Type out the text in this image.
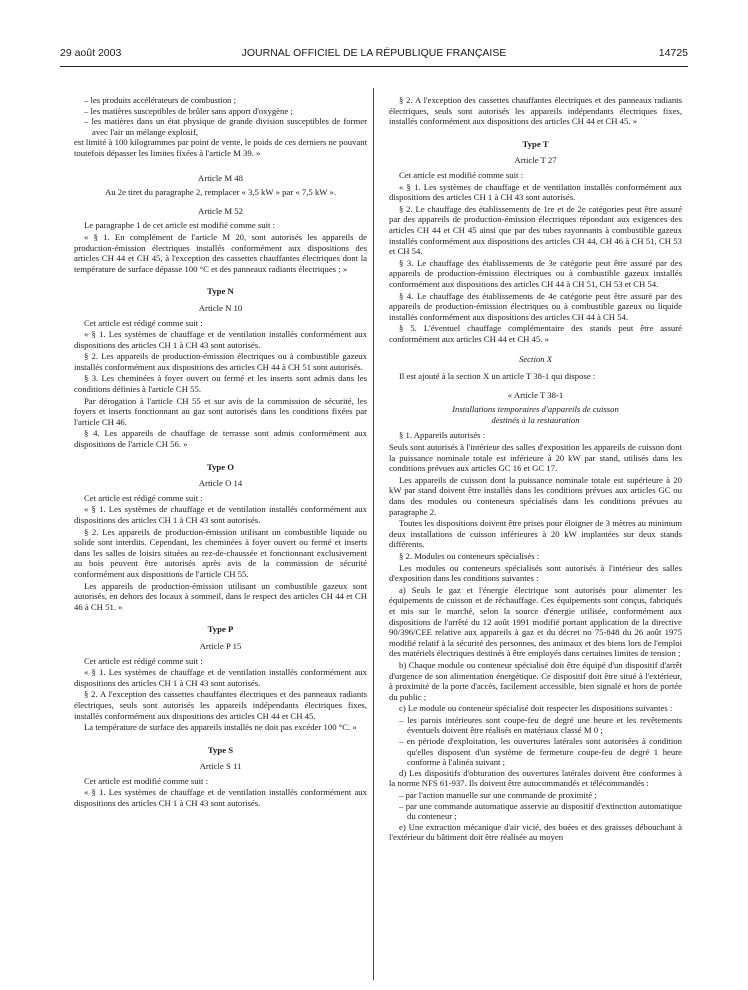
29 août 2003	JOURNAL OFFICIEL DE LA RÉPUBLIQUE FRANÇAISE	14725

– les produits accélérateurs de combustion ;

– les matières susceptibles de brûler sans apport d'oxygène ;

– les matières dans un état physique de grande division susceptibles de former avec l'air un mélange explosif,

est limité à 100 kilogrammes par point de vente, le poids de ces derniers ne pouvant toutefois dépasser les limites fixées à l'article M 39. »

Article M 48

Au 2e tiret du paragraphe 2, remplacer « 3,5 kW » par « 7,5 kW ».

Article M 52

Le paragraphe 1 de cet article est modifié comme suit :

« § 1. En complément de l'article M 20, sont autorisés les appareils de production-émission électriques installés conformément aux dispositions des articles CH 44 et CH 45, à l'exception des cassettes chauffantes électriques dont la température de surface dépasse 100 °C et des panneaux radiants électriques ; »

Type N

Article N 10

Cet article est rédigé comme suit :

« § 1. Les systèmes de chauffage et de ventilation installés conformément aux dispositions des articles CH 1 à CH 43 sont autorisés.

§ 2. Les appareils de production-émission électriques ou à combustible gazeux installés conformément aux dispositions des articles CH 44 à CH 51 sont autorisés.

§ 3. Les cheminées à foyer ouvert ou fermé et les inserts sont admis dans les conditions définies à l'article CH 55.

Par dérogation à l'article CH 55 et sur avis de la commission de sécurité, les foyers et inserts fonctionnant au gaz sont autorisés dans les conditions fixées par l'article CH 46.

§ 4. Les appareils de chauffage de terrasse sont admis conformément aux dispositions de l'article CH 56. »

Type O

Article O 14

Cet article est rédigé comme suit :

« § 1. Les systèmes de chauffage et de ventilation installés conformément aux dispositions des articles CH 1 à CH 43 sont autorisés.

§ 2. Les appareils de production-émission utilisant un combustible liquide ou solide sont interdits. Cependant, les cheminées à foyer ouvert ou fermé et inserts dans les salles de loisirs situées au rez-de-chaussée et fonctionnant exclusivement au bois peuvent être autorisés après avis de la commission de sécurité conformément aux dispositions de l'article CH 55.

Les appareils de production-émission utilisant un combustible gazeux sont autorisés, en dehors des locaux à sommeil, dans le respect des articles CH 44 et CH 46 à CH 51. »

Type P

Article P 15

Cet article est rédigé comme suit :

« § 1. Les systèmes de chauffage et de ventilation installés conformément aux dispositions des articles CH 1 à CH 43 sont autorisés.

§ 2. A l'exception des cassettes chauffantes électriques et des panneaux radiants électriques, seuls sont autorisés les appareils indépendants électriques fixes, installés conformément aux dispositions des articles CH 44 et CH 45.

La température de surface des appareils installés ne doit pas excéder 100 °C. »

Type S

Article S 11

Cet article est modifié comme suit :

« § 1. Les systèmes de chauffage et de ventilation installés conformément aux dispositions des articles CH 1 à CH 43 sont autorisés.

§ 2. A l'exception des cassettes chauffantes électriques et des panneaux radiants électriques, seuls sont autorisés les appareils indépendants électriques fixes, installés conformément aux dispositions des articles CH 44 et CH 45. »

Type T

Article T 27

Cet article est modifié comme suit :

« § 1. Les systèmes de chauffage et de ventilation installés conformément aux dispositions des articles CH 1 à CH 43 sont autorisés.

§ 2. Le chauffage des établissements de 1re et de 2e catégories peut être assuré par des appareils de production-émission électriques répondant aux exigences des articles CH 44 et CH 45 ainsi que par des tubes rayonnants à combustible gazeux installés conformément aux dispositions des articles CH 44, CH 46 à CH 51, CH 53 et CH 54.

§ 3. Le chauffage des établissements de 3e catégorie peut être assuré par des appareils de production-émission électriques ou à combustible gazeux installés conformément aux dispositions des articles CH 44 à CH 51, CH 53 et CH 54.

§ 4. Le chauffage des établissements de 4e catégorie peut être assuré par des appareils de production-émission électriques ou à combustible gazeux ou liquide installés conformément aux dispositions des articles CH 44 à CH 54.

§ 5. L'éventuel chauffage complémentaire des stands peut être assuré conformément aux articles CH 44 et CH 45. »

Section X

Il est ajouté à la section X un article T 38-1 qui dispose :

« Article T 38-1

Installations temporaires d'appareils de cuisson

destinés à la restauration

§ 1. Appareils autorisés :

Seuls sont autorisés à l'intérieur des salles d'exposition les appareils de cuisson dont la puissance nominale totale est inférieure à 20 kW par stand, utilisés dans les conditions prévues aux articles GC 16 et GC 17.

Les appareils de cuisson dont la puissance nominale totale est supérieure à 20 kW par stand doivent être installés dans les conditions prévues aux articles GC ou dans des modules ou conteneurs spécialisés dans les conditions prévues au paragraphe 2.

Toutes les dispositions doivent être prises pour éloigner de 3 mètres au minimum deux installations de cuisson inférieures à 20 kW implantées sur deux stands différents.

§ 2. Modules ou conteneurs spécialisés :

Les modules ou conteneurs spécialisés sont autorisés à l'intérieur des salles d'exposition dans les conditions suivantes :

a) Seuls le gaz et l'énergie électrique sont autorisés pour alimenter les équipements de cuisson et de réchauffage. Ces équipements sont conçus, fabriqués et mis sur le marché, selon la source d'énergie utilisée, conformément aux dispositions de l'arrêté du 12 août 1991 modifié portant application de la directive 90/396/CEE relative aux appareils à gaz et du décret no 75-848 du 26 août 1975 modifié relatif à la sécurité des personnes, des animaux et des biens lors de l'emploi des matériels électriques destinés à être employés dans certaines limites de tension ;

b) Chaque module ou conteneur spécialisé doit être équipé d'un dispositif d'arrêt d'urgence de son alimentation énergétique. Ce dispositif doit être situé à l'extérieur, à proximité de la porte d'accès, facilement accessible, bien signalé et hors de portée du public ;

c) Le module ou conteneur spécialisé doit respecter les dispositions suivantes :

– les parois intérieures sont coupe-feu de degré une heure et les revêtements éventuels doivent être réalisés en matériaux classé M 0 ;

– en période d'exploitation, les ouvertures latérales sont autorisées à condition qu'elles disposent d'un système de fermeture coupe-feu de degré 1 heure conforme à l'alinéa suivant ;

d) Les dispositifs d'obturation des ouvertures latérales doivent être conformes à la norme NFS 61-937. Ils doivent être autocommandés et télécommandés :

– par l'action manuelle sur une commande de proximité ;

– par une commande automatique asservie au dispositif d'extinction automatique du conteneur ;

e) Une extraction mécanique d'air vicié, des buées et des graisses débouchant à l'extérieur du bâtiment doit être réalisée au moyen
